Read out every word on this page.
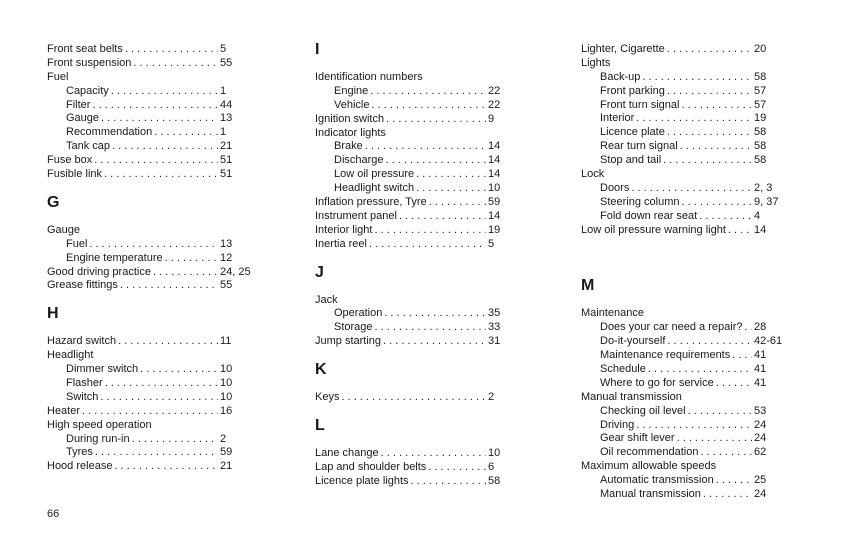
Front seat belts . . .	5
Front suspension . . .	55
Fuel
Capacity . . .	1
Filter . . .	44
Gauge . . .	13
Recommendation . . .	1
Tank cap . . .	21
Fuse box . . .	51
Fusible link . . .	51
G
Gauge
Fuel . . .	13
Engine temperature . . .	12
Good driving practice . . .	24, 25
Grease fittings . . .	55
H
Hazard switch . . .	11
Headlight
Dimmer switch . . .	10
Flasher . . .	10
Switch . . .	10
Heater . . .	16
High speed operation
During run-in . . .	2
Tyres . . .	59
Hood release . . .	21
I
Identification numbers
Engine . . .	22
Vehicle . . .	22
Ignition switch . . .	9
Indicator lights
Brake . . .	14
Discharge . . .	14
Low oil pressure . . .	14
Headlight switch . . .	10
Inflation pressure, Tyre . . .	59
Instrument panel . . .	14
Interior light . . .	19
Inertia reel . . .	5
J
Jack
Operation . . .	35
Storage . . .	33
Jump starting . . .	31
K
Keys . . .	2
L
Lane change . . .	10
Lap and shoulder belts . . .	6
Licence plate lights . . .	58
Lighter, Cigarette . . .	20
Lights
Back-up . . .	58
Front parking . . .	57
Front turn signal . . .	57
Interior . . .	19
Licence plate . . .	58
Rear turn signal . . .	58
Stop and tail . . .	58
Lock
Doors . . .	2, 3
Steering column . . .	9, 37
Fold down rear seat . . .	4
Low oil pressure warning light . . .	14
M
Maintenance
Does your car need a repair? . . . 28
Do-it-yourself . . .	42-61
Maintenance requirements . . . 41
Schedule . . .	41
Where to go for service . . .	41
Manual transmission
Checking oil level . . .	53
Driving . . .	24
Gear shift lever . . .	24
Oil recommendation . . .	62
Maximum allowable speeds
Automatic transmission . . .	25
Manual transmission . . .	24
66
